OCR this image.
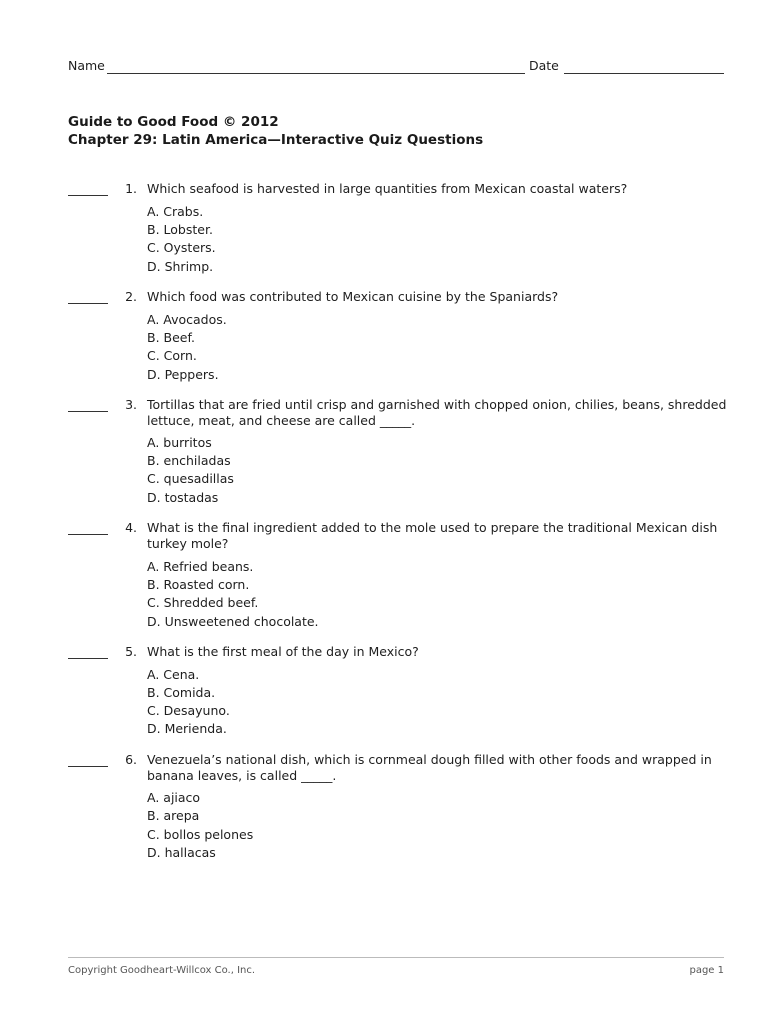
Name	Date
Guide to Good Food © 2012
Chapter 29: Latin America—Interactive Quiz Questions
1. Which seafood is harvested in large quantities from Mexican coastal waters?
A. Crabs.
B. Lobster.
C. Oysters.
D. Shrimp.
2. Which food was contributed to Mexican cuisine by the Spaniards?
A. Avocados.
B. Beef.
C. Corn.
D. Peppers.
3. Tortillas that are fried until crisp and garnished with chopped onion, chilies, beans, shredded lettuce, meat, and cheese are called _____.
A. burritos
B. enchiladas
C. quesadillas
D. tostadas
4. What is the final ingredient added to the mole used to prepare the traditional Mexican dish turkey mole?
A. Refried beans.
B. Roasted corn.
C. Shredded beef.
D. Unsweetened chocolate.
5. What is the first meal of the day in Mexico?
A. Cena.
B. Comida.
C. Desayuno.
D. Merienda.
6. Venezuela’s national dish, which is cornmeal dough filled with other foods and wrapped in banana leaves, is called _____.
A. ajiaco
B. arepa
C. bollos pelones
D. hallacas
Copyright Goodheart-Willcox Co., Inc.	page 1
